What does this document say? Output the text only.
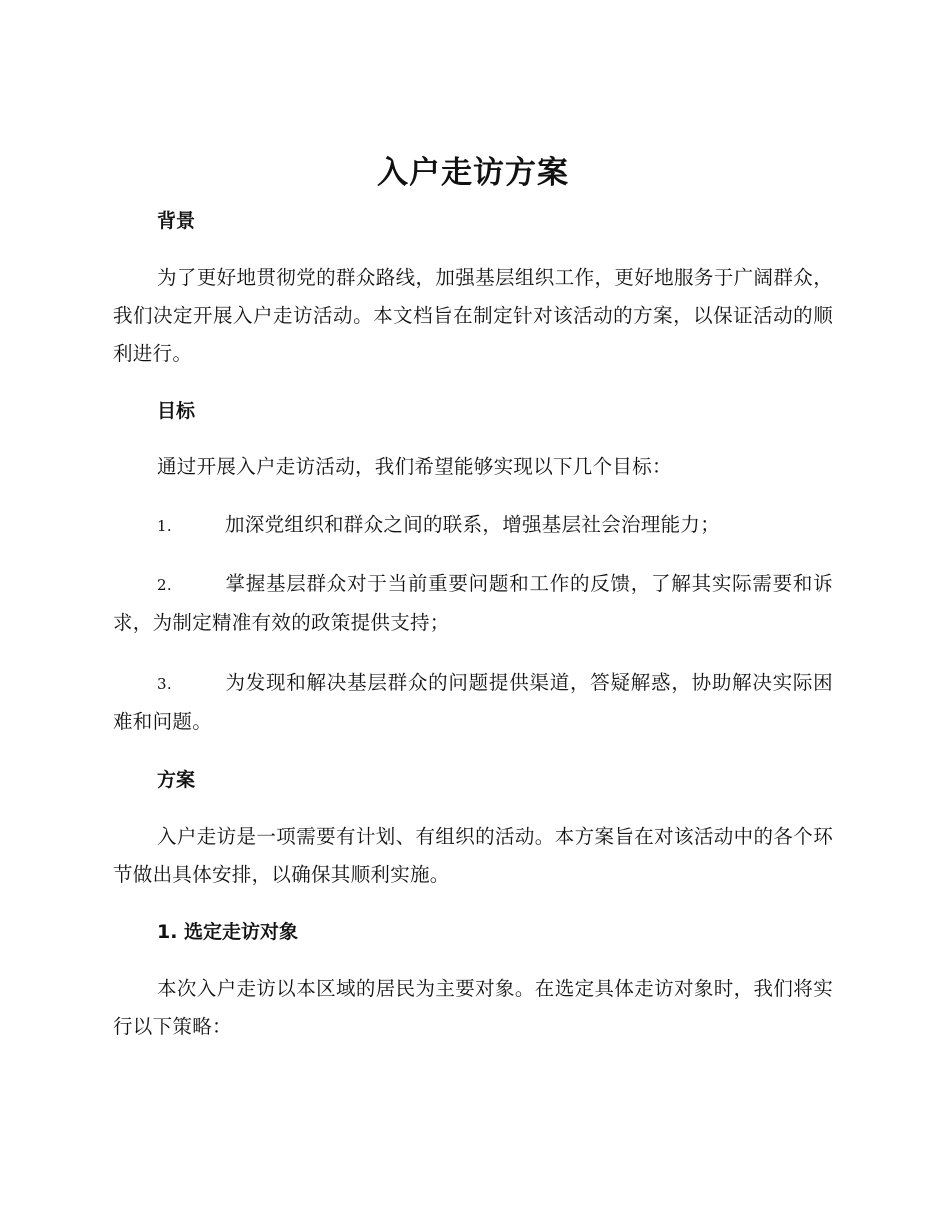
入户走访方案
背景

为了更好地贯彻党的群众路线，加强基层组织工作，更好地服务于广阔群众，我们决定开展入户走访活动。本文档旨在制定针对该活动的方案，以保证活动的顺利进行。

目标

通过开展入户走访活动，我们希望能够实现以下几个目标：

1.	加深党组织和群众之间的联系，增强基层社会治理能力；

2.	掌握基层群众对于当前重要问题和工作的反馈，了解其实际需要和诉求，为制定精准有效的政策提供支持；

3.	为发现和解决基层群众的问题提供渠道，答疑解惑，协助解决实际困难和问题。

方案

入户走访是一项需要有计划、有组织的活动。本方案旨在对该活动中的各个环节做出具体安排，以确保其顺利实施。

1. 选定走访对象

本次入户走访以本区域的居民为主要对象。在选定具体走访对象时，我们将实行以下策略：
